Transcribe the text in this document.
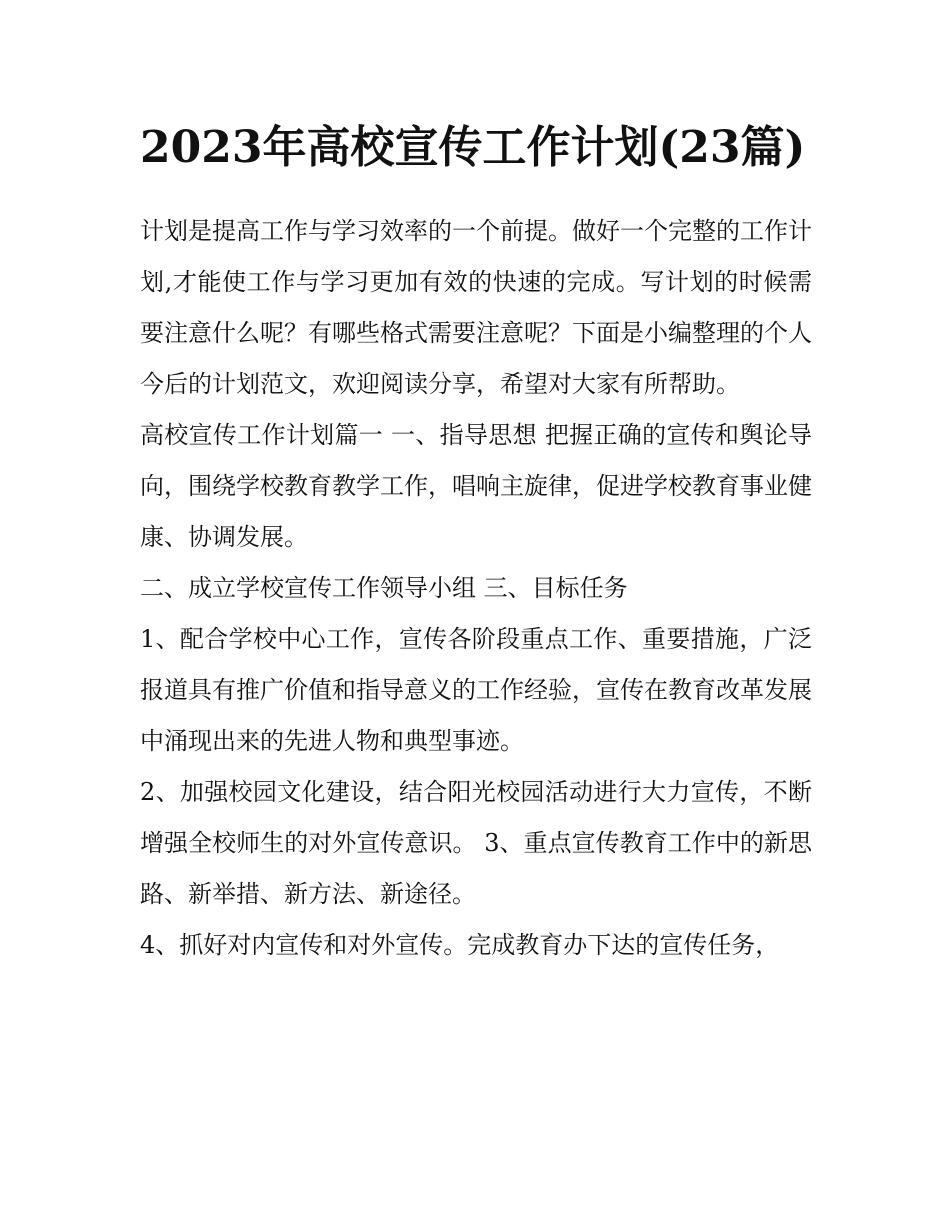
2023年高校宣传工作计划(23篇)

计划是提高工作与学习效率的一个前提。做好一个完整的工作计划,才能使工作与学习更加有效的快速的完成。写计划的时候需要注意什么呢？有哪些格式需要注意呢？下面是小编整理的个人今后的计划范文，欢迎阅读分享，希望对大家有所帮助。

高校宣传工作计划篇一 一、指导思想 把握正确的宣传和舆论导向，围绕学校教育教学工作，唱响主旋律，促进学校教育事业健康、协调发展。

二、成立学校宣传工作领导小组 三、目标任务

1、配合学校中心工作，宣传各阶段重点工作、重要措施，广泛报道具有推广价值和指导意义的工作经验，宣传在教育改革发展中涌现出来的先进人物和典型事迹。

2、加强校园文化建设，结合阳光校园活动进行大力宣传，不断增强全校师生的对外宣传意识。 3、重点宣传教育工作中的新思路、新举措、新方法、新途径。

4、抓好对内宣传和对外宣传。完成教育办下达的宣传任务，
